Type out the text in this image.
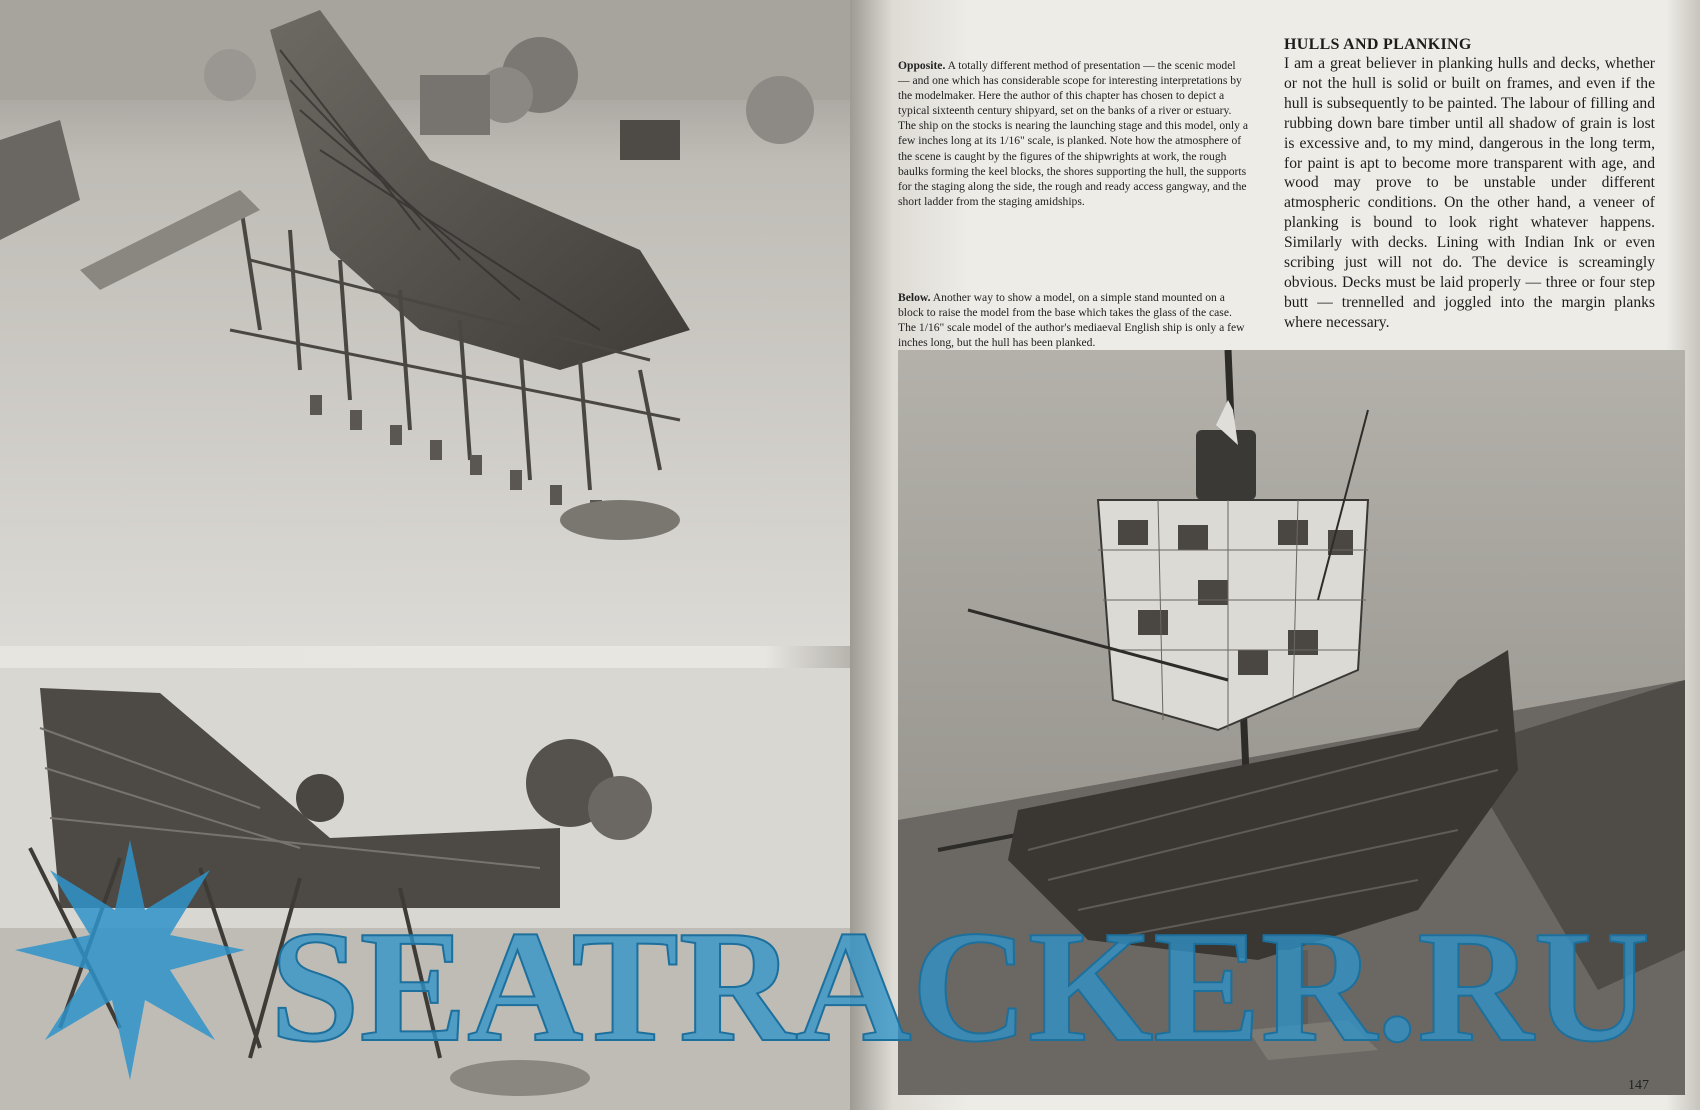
Opposite. A totally different method of presentation — the scenic model — and one which has considerable scope for interesting interpretations by the modelmaker. Here the author of this chapter has chosen to depict a typical sixteenth century shipyard, set on the banks of a river or estuary. The ship on the stocks is nearing the launching stage and this model, only a few inches long at its 1/16" scale, is planked. Note how the atmosphere of the scene is caught by the figures of the shipwrights at work, the rough baulks forming the keel blocks, the shores supporting the hull, the supports for the staging along the side, the rough and ready access gangway, and the short ladder from the staging amidships.

Below. Another way to show a model, on a simple stand mounted on a block to raise the model from the base which takes the glass of the case. The 1/16" scale model of the author's mediaeval English ship is only a few inches long, but the hull has been planked.

HULLS AND PLANKING

I am a great believer in planking hulls and decks, whether or not the hull is solid or built on frames, and even if the hull is subsequently to be painted. The labour of filling and rubbing down bare timber until all shadow of grain is lost is excessive and, to my mind, dangerous in the long term, for paint is apt to become more transparent with age, and wood may prove to be unstable under different atmospheric conditions. On the other hand, a veneer of planking is bound to look right whatever happens. Similarly with decks. Lining with Indian Ink or even scribing just will not do. The device is screamingly obvious. Decks must be laid properly — three or four step butt — trennelled and joggled into the margin planks where necessary.

147
SEATRACKER.RU
